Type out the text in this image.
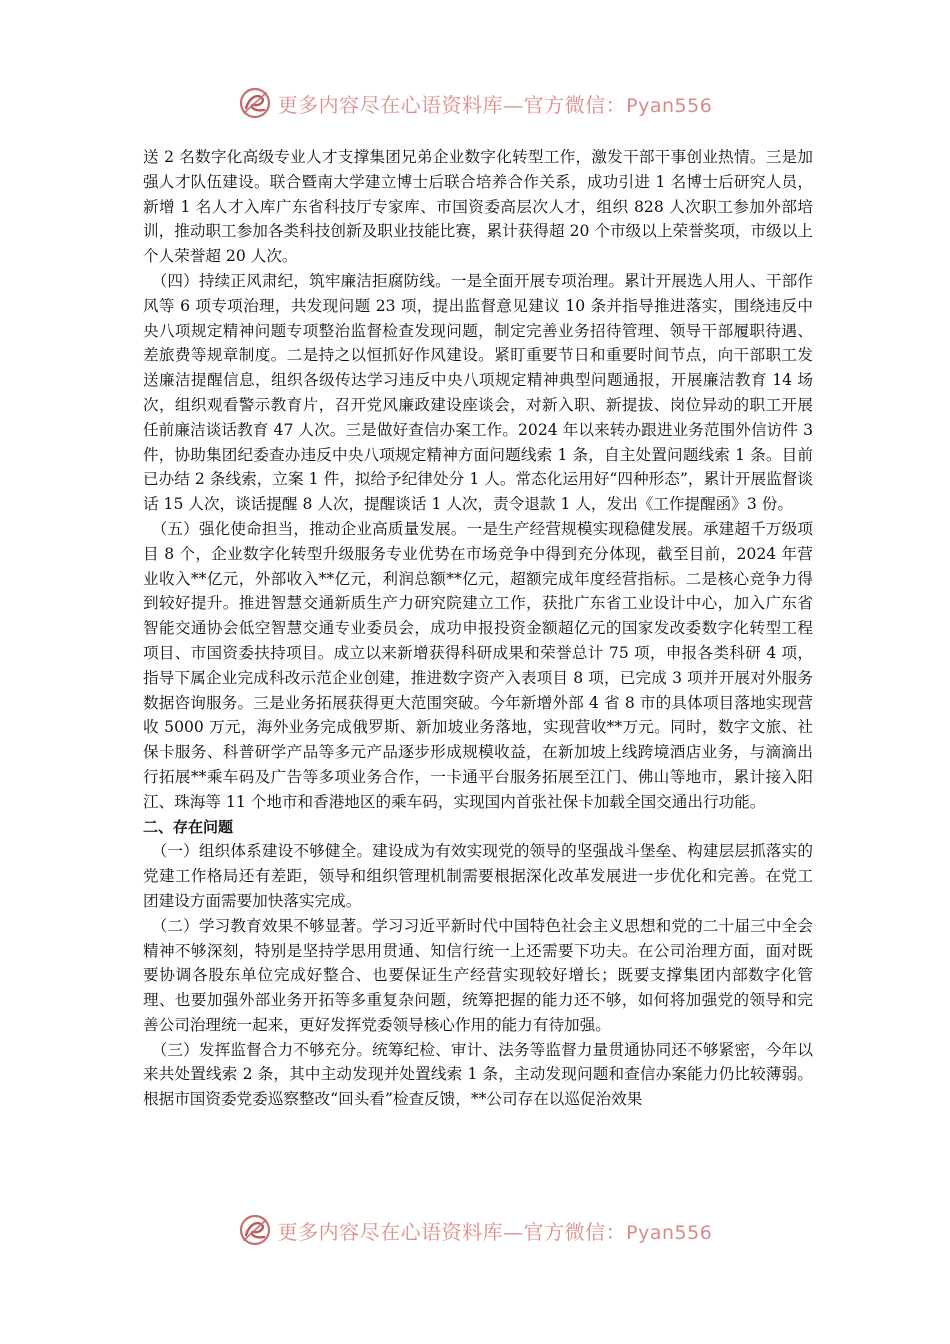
更多内容尽在心语资料库—官方微信：Pyan556

送 2 名数字化高级专业人才支撑集团兄弟企业数字化转型工作，激发干部干事创业热情。三是加强人才队伍建设。联合暨南大学建立博士后联合培养合作关系，成功引进 1 名博士后研究人员，新增 1 名人才入库广东省科技厅专家库、市国资委高层次人才，组织 828 人次职工参加外部培训，推动职工参加各类科技创新及职业技能比赛，累计获得超 20 个市级以上荣誉奖项，市级以上个人荣誉超 20 人次。

（四）持续正风肃纪，筑牢廉洁拒腐防线。一是全面开展专项治理。累计开展选人用人、干部作风等 6 项专项治理，共发现问题 23 项，提出监督意见建议 10 条并指导推进落实，围绕违反中央八项规定精神问题专项整治监督检查发现问题，制定完善业务招待管理、领导干部履职待遇、差旅费等规章制度。二是持之以恒抓好作风建设。紧盯重要节日和重要时间节点，向干部职工发送廉洁提醒信息，组织各级传达学习违反中央八项规定精神典型问题通报，开展廉洁教育 14 场次，组织观看警示教育片，召开党风廉政建设座谈会，对新入职、新提拔、岗位异动的职工开展任前廉洁谈话教育 47 人次。三是做好查信办案工作。2024 年以来转办跟进业务范围外信访件 3 件，协助集团纪委查办违反中央八项规定精神方面问题线索 1 条，自主处置问题线索 1 条。目前已办结 2 条线索，立案 1 件，拟给予纪律处分 1 人。常态化运用好“四种形态”，累计开展监督谈话 15 人次，谈话提醒 8 人次，提醒谈话 1 人次，责令退款 1 人，发出《工作提醒函》3 份。

（五）强化使命担当，推动企业高质量发展。一是生产经营规模实现稳健发展。承建超千万级项目 8 个，企业数字化转型升级服务专业优势在市场竞争中得到充分体现，截至目前，2024 年营业收入**亿元，外部收入**亿元，利润总额**亿元，超额完成年度经营指标。二是核心竞争力得到较好提升。推进智慧交通新质生产力研究院建立工作，获批广东省工业设计中心，加入广东省智能交通协会低空智慧交通专业委员会，成功申报投资金额超亿元的国家发改委数字化转型工程项目、市国资委扶持项目。成立以来新增获得科研成果和荣誉总计 75 项，申报各类科研 4 项，指导下属企业完成科改示范企业创建，推进数字资产入表项目 8 项，已完成 3 项并开展对外服务数据咨询服务。三是业务拓展获得更大范围突破。今年新增外部 4 省 8 市的具体项目落地实现营收 5000 万元，海外业务完成俄罗斯、新加坡业务落地，实现营收**万元。同时，数字文旅、社保卡服务、科普研学产品等多元产品逐步形成规模收益，在新加坡上线跨境酒店业务，与滴滴出行拓展**乘车码及广告等多项业务合作，一卡通平台服务拓展至江门、佛山等地市，累计接入阳江、珠海等 11 个地市和香港地区的乘车码，实现国内首张社保卡加载全国交通出行功能。

二、存在问题

（一）组织体系建设不够健全。建设成为有效实现党的领导的坚强战斗堡垒、构建层层抓落实的党建工作格局还有差距，领导和组织管理机制需要根据深化改革发展进一步优化和完善。在党工团建设方面需要加快落实完成。

（二）学习教育效果不够显著。学习习近平新时代中国特色社会主义思想和党的二十届三中全会精神不够深刻，特别是坚持学思用贯通、知信行统一上还需要下功夫。在公司治理方面，面对既要协调各股东单位完成好整合、也要保证生产经营实现较好增长；既要支撑集团内部数字化管理、也要加强外部业务开拓等多重复杂问题，统筹把握的能力还不够，如何将加强党的领导和完善公司治理统一起来，更好发挥党委领导核心作用的能力有待加强。

（三）发挥监督合力不够充分。统筹纪检、审计、法务等监督力量贯通协同还不够紧密，今年以来共处置线索 2 条，其中主动发现并处置线索 1 条，主动发现问题和查信办案能力仍比较薄弱。根据市国资委党委巡察整改“回头看”检查反馈，**公司存在以巡促治效果

更多内容尽在心语资料库—官方微信：Pyan556
